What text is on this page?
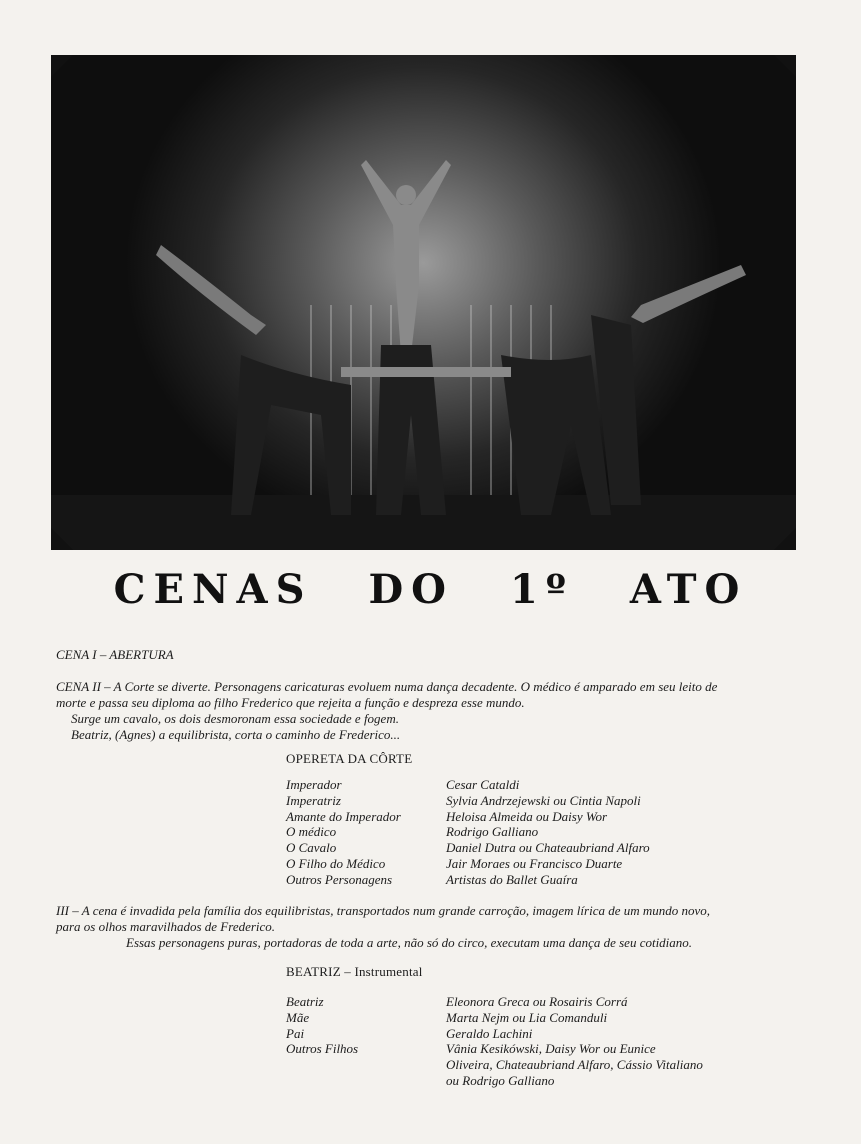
CENAS DO 1º ATO
CENA I – ABERTURA
CENA II – A Corte se diverte. Personagens caricaturas evoluem numa dança decadente. O médico é amparado em seu leito de
morte e passa seu diploma ao filho Frederico que rejeita a função e despreza esse mundo.
Surge um cavalo, os dois desmoronam essa sociedade e fogem.
Beatriz, (Agnes) a equilibrista, corta o caminho de Frederico...
OPERETA DA CÔRTE
Imperador	Cesar Cataldi
Imperatriz	Sylvia Andrzejewski ou Cintia Napoli
Amante do Imperador	Heloisa Almeida ou Daisy Wor
O médico	Rodrigo Galliano
O Cavalo	Daniel Dutra ou Chateaubriand Alfaro
O Filho do Médico	Jair Moraes ou Francisco Duarte
Outros Personagens	Artistas do Ballet Guaíra
III – A cena é invadida pela família dos equilibristas, transportados num grande carroção, imagem lírica de um mundo novo,
para os olhos maravilhados de Frederico.
Essas personagens puras, portadoras de toda a arte, não só do circo, executam uma dança de seu cotidiano.
BEATRIZ – Instrumental
Beatriz	Eleonora Greca ou Rosairis Corrá
Mãe	Marta Nejm ou Lia Comanduli
Pai	Geraldo Lachini
Outros Filhos	Vânia Kesikówski, Daisy Wor ou Eunice
Oliveira, Chateaubriand Alfaro, Cássio Vitaliano
ou Rodrigo Galliano
